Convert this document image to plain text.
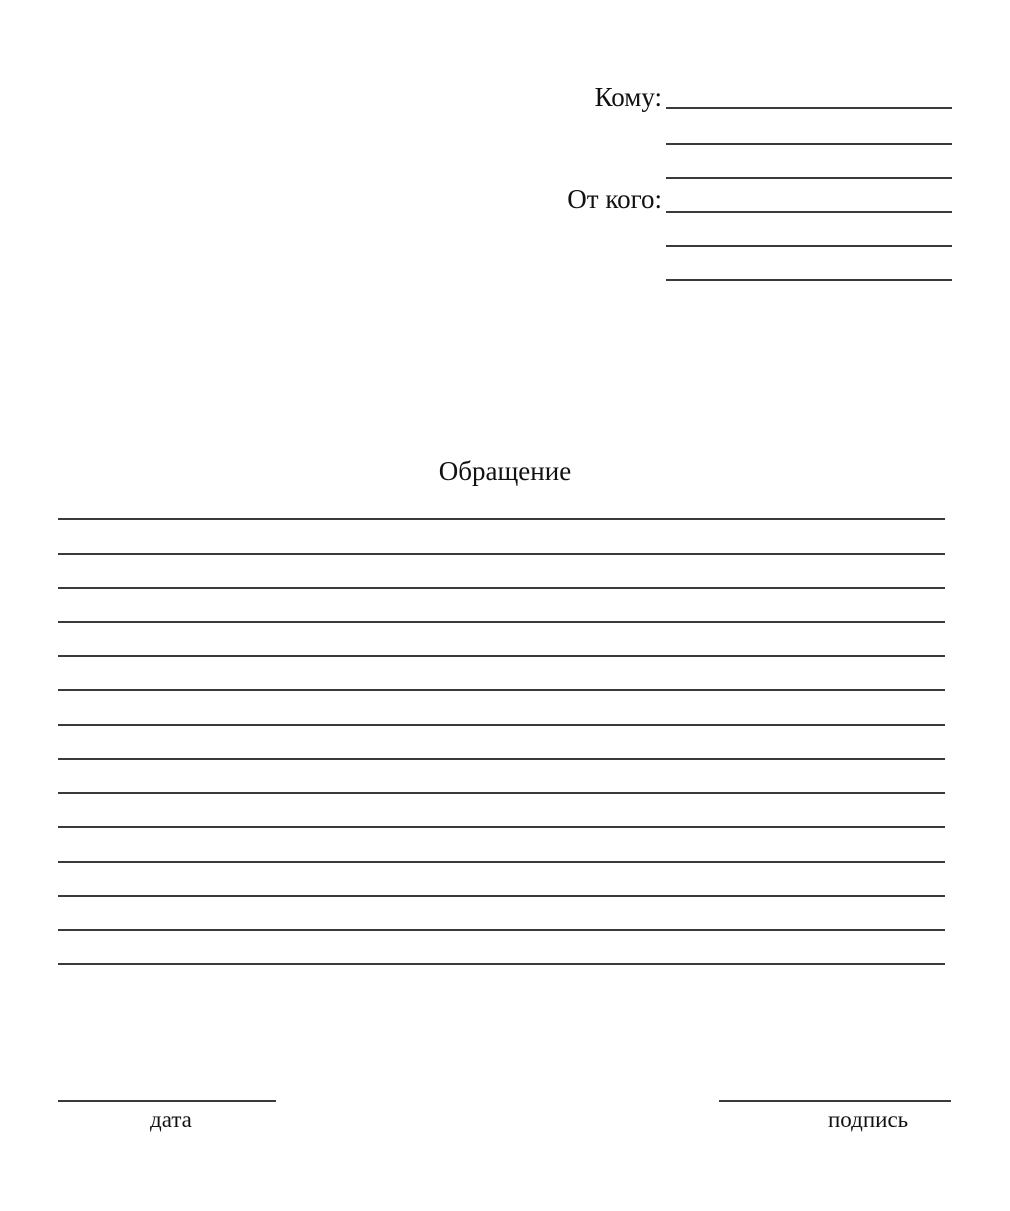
Кому:
От кого:
Обращение
дата	подпись
